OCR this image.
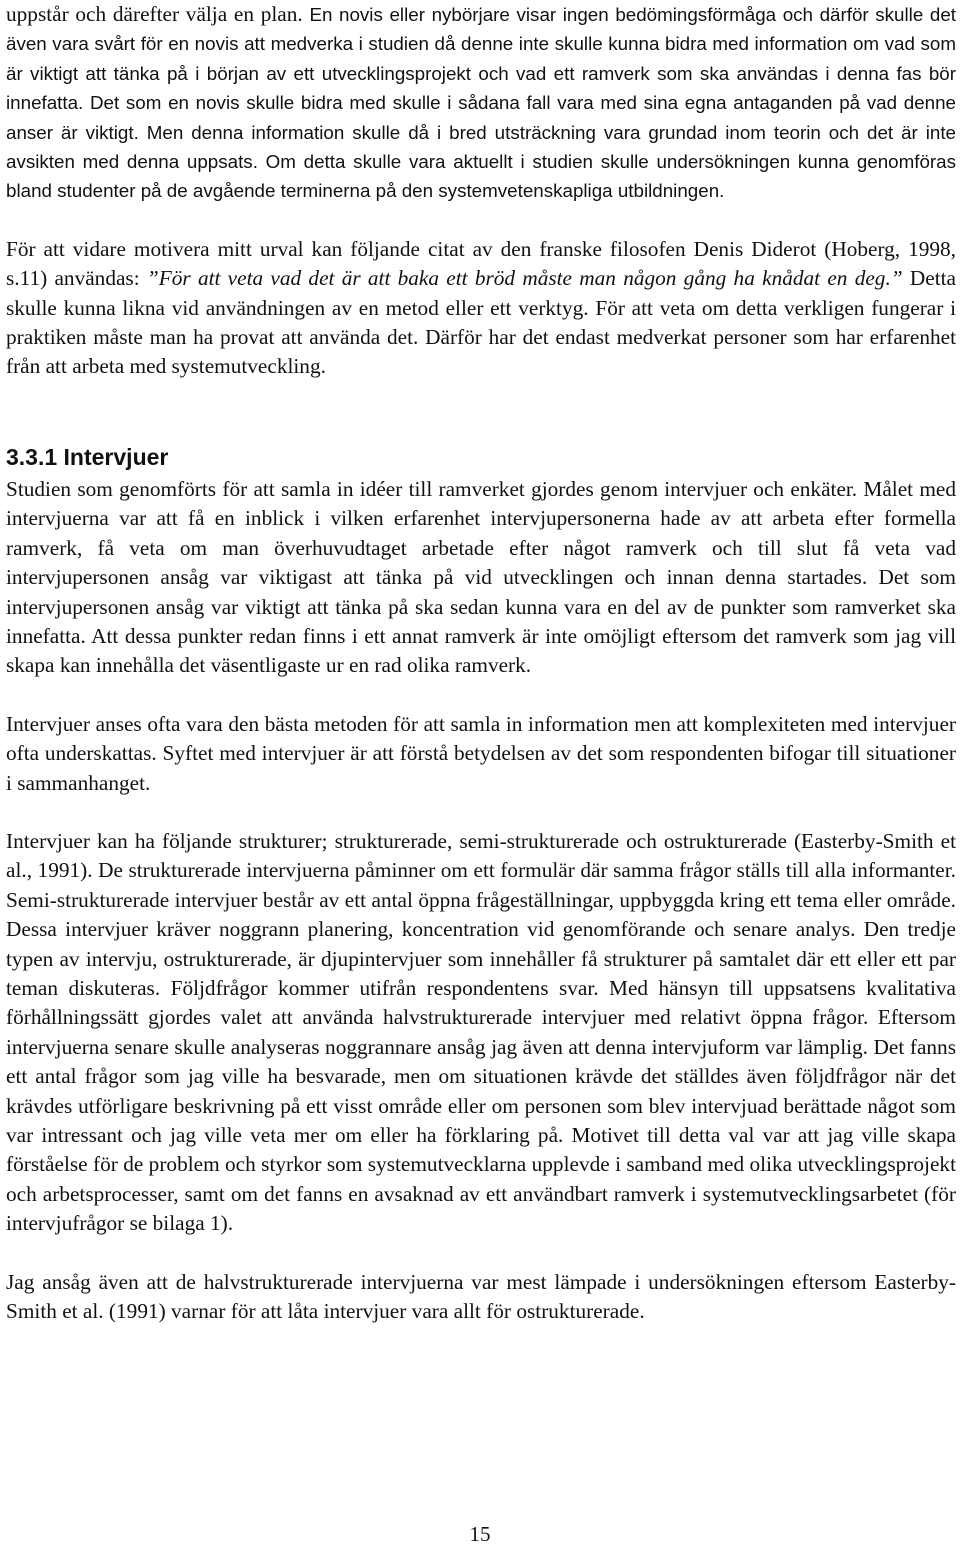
uppstår och därefter välja en plan. En novis eller nybörjare visar ingen bedömingsförmåga och därför skulle det även vara svårt för en novis att medverka i studien då denne inte skulle kunna bidra med information om vad som är viktigt att tänka på i början av ett utvecklingsprojekt och vad ett ramverk som ska användas i denna fas bör innefatta. Det som en novis skulle bidra med skulle i sådana fall vara med sina egna antaganden på vad denne anser är viktigt. Men denna information skulle då i bred utsträckning vara grundad inom teorin och det är inte avsikten med denna uppsats. Om detta skulle vara aktuellt i studien skulle undersökningen kunna genomföras bland studenter på de avgående terminerna på den systemvetenskapliga utbildningen.

För att vidare motivera mitt urval kan följande citat av den franske filosofen Denis Diderot (Hoberg, 1998, s.11) användas: ”För att veta vad det är att baka ett bröd måste man någon gång ha knådat en deg.” Detta skulle kunna likna vid användningen av en metod eller ett verktyg. För att veta om detta verkligen fungerar i praktiken måste man ha provat att använda det. Därför har det endast medverkat personer som har erfarenhet från att arbeta med systemutveckling.

3.3.1 Intervjuer

Studien som genomförts för att samla in idéer till ramverket gjordes genom intervjuer och enkäter. Målet med intervjuerna var att få en inblick i vilken erfarenhet intervjupersonerna hade av att arbeta efter formella ramverk, få veta om man överhuvudtaget arbetade efter något ramverk och till slut få veta vad intervjupersonen ansåg var viktigast att tänka på vid utvecklingen och innan denna startades. Det som intervjupersonen ansåg var viktigt att tänka på ska sedan kunna vara en del av de punkter som ramverket ska innefatta. Att dessa punkter redan finns i ett annat ramverk är inte omöjligt eftersom det ramverk som jag vill skapa kan innehålla det väsentligaste ur en rad olika ramverk.

Intervjuer anses ofta vara den bästa metoden för att samla in information men att komplexiteten med intervjuer ofta underskattas. Syftet med intervjuer är att förstå betydelsen av det som respondenten bifogar till situationer i sammanhanget.

Intervjuer kan ha följande strukturer; strukturerade, semi-strukturerade och ostrukturerade (Easterby-Smith et al., 1991). De strukturerade intervjuerna påminner om ett formulär där samma frågor ställs till alla informanter. Semi-strukturerade intervjuer består av ett antal öppna frågeställningar, uppbyggda kring ett tema eller område. Dessa intervjuer kräver noggrann planering, koncentration vid genomförande och senare analys. Den tredje typen av intervju, ostrukturerade, är djupintervjuer som innehåller få strukturer på samtalet där ett eller ett par teman diskuteras. Följdfrågor kommer utifrån respondentens svar. Med hänsyn till uppsatsens kvalitativa förhållningssätt gjordes valet att använda halvstrukturerade intervjuer med relativt öppna frågor. Eftersom intervjuerna senare skulle analyseras noggrannare ansåg jag även att denna intervjuform var lämplig. Det fanns ett antal frågor som jag ville ha besvarade, men om situationen krävde det ställdes även följdfrågor när det krävdes utförligare beskrivning på ett visst område eller om personen som blev intervjuad berättade något som var intressant och jag ville veta mer om eller ha förklaring på. Motivet till detta val var att jag ville skapa förståelse för de problem och styrkor som systemutvecklarna upplevde i samband med olika utvecklingsprojekt och arbetsprocesser, samt om det fanns en avsaknad av ett användbart ramverk i systemutvecklingsarbetet (för intervjufrågor se bilaga 1).

Jag ansåg även att de halvstrukturerade intervjuerna var mest lämpade i undersökningen eftersom Easterby-Smith et al. (1991) varnar för att låta intervjuer vara allt för ostrukturerade.

15
